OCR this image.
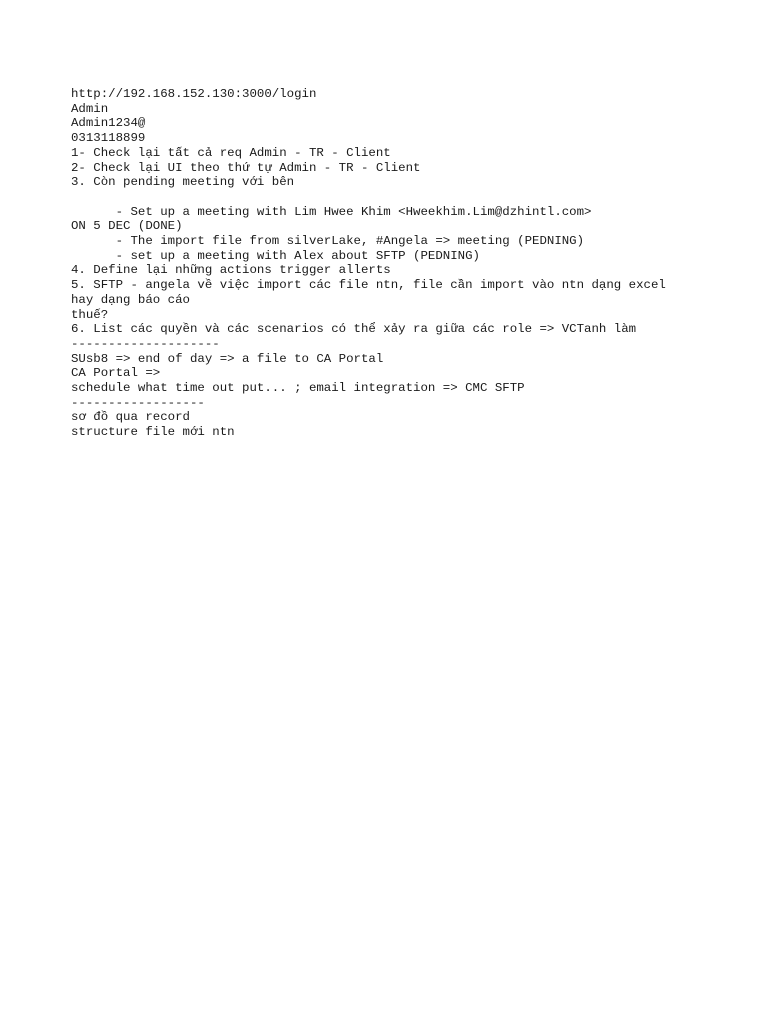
http://192.168.152.130:3000/login
Admin
Admin1234@
0313118899
1- Check lại tất cả req Admin - TR - Client
2- Check lại UI theo thứ tự Admin - TR - Client
3. Còn pending meeting với bên
- Set up a meeting with Lim Hwee Khim <Hweekhim.Lim@dzhintl.com>
ON 5 DEC (DONE)
- The import file from silverLake, #Angela => meeting (PEDNING)
- set up a meeting with Alex about SFTP (PEDNING)
4. Define lại những actions trigger allerts
5. SFTP - angela về việc import các file ntn, file cần import vào ntn dạng excel
hay dạng báo cáo
thuế?
6. List các quyền và các scenarios có thể xảy ra giữa các role => VCTanh làm
--------------------
SUsb8 => end of day => a file to CA Portal
CA Portal =>
schedule what time out put... ; email integration => CMC SFTP
------------------
sơ đồ qua record
structure file mới ntn
